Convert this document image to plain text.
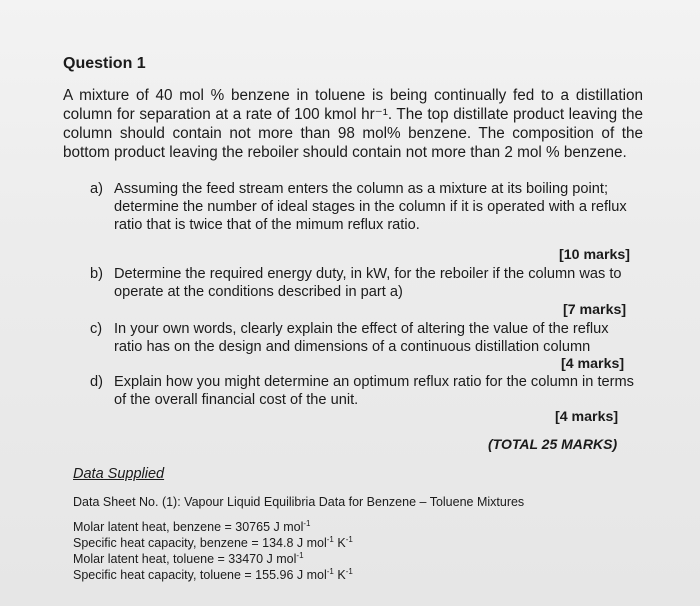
Question 1
A mixture of 40 mol % benzene in toluene is being continually fed to a distillation column for separation at a rate of 100 kmol hr⁻¹. The top distillate product leaving the column should contain not more than 98 mol% benzene. The composition of the bottom product leaving the reboiler should contain not more than 2 mol % benzene.
a) Assuming the feed stream enters the column as a mixture at its boiling point; determine the number of ideal stages in the column if it is operated with a reflux ratio that is twice that of the mimum reflux ratio.
[10 marks]
b) Determine the required energy duty, in kW, for the reboiler if the column was to operate at the conditions described in part a)
[7 marks]
c) In your own words, clearly explain the effect of altering the value of the reflux ratio has on the design and dimensions of a continuous distillation column
[4 marks]
d) Explain how you might determine an optimum reflux ratio for the column in terms of the overall financial cost of the unit.
[4 marks]
(TOTAL 25 MARKS)
Data Supplied
Data Sheet No. (1): Vapour Liquid Equilibria Data for Benzene – Toluene Mixtures
Molar latent heat, benzene = 30765 J mol$^{-1}$
Specific heat capacity, benzene = 134.8 J mol$^{-1}$ $K^{-1}$
Molar latent heat, toluene = 33470 J mol$^{-1}$
Specific heat capacity, toluene = 155.96 J mol$^{-1}$ $K^{-1}$
